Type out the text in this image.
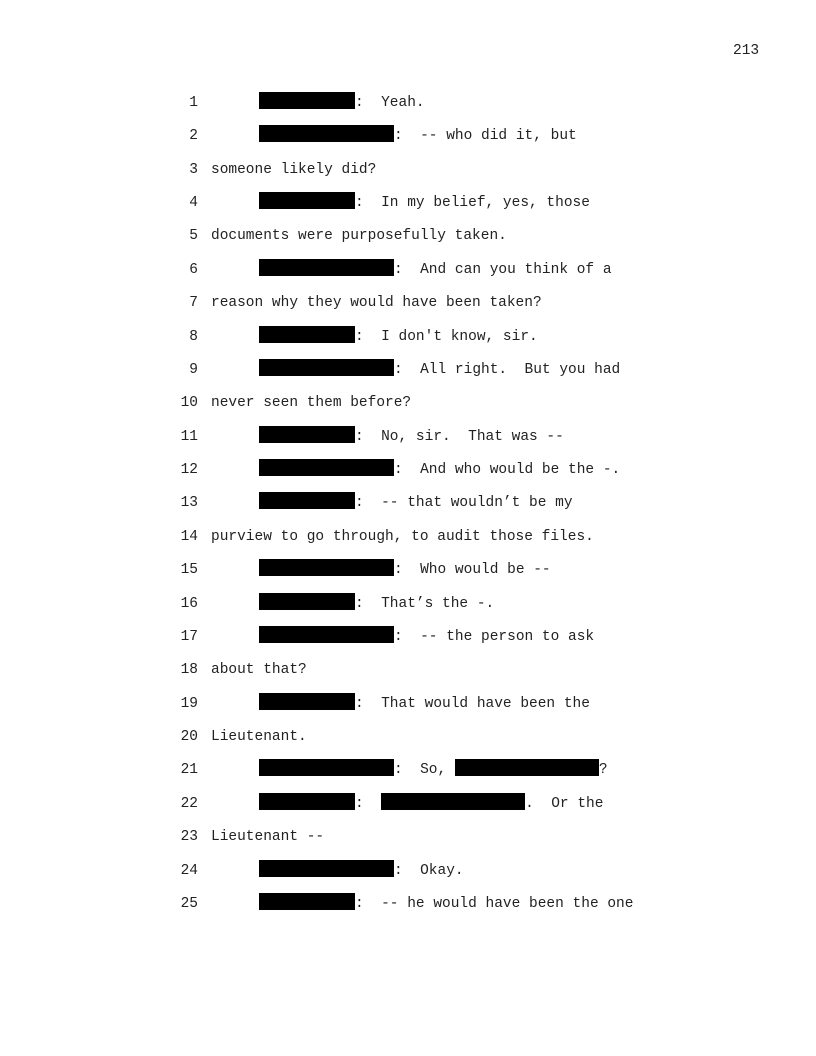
213
1	:  Yeah.
2	:  -- who did it, but
3 someone likely did?
4	:  In my belief, yes, those
5 documents were purposefully taken.
6	:  And can you think of a
7 reason why they would have been taken?
8	:  I don't know, sir.
9	:  All right.  But you had
10 never seen them before?
11	:  No, sir.  That was --
12	:  And who would be the -.
13	:  -- that wouldn’t be my
14 purview to go through, to audit those files.
15	:  Who would be --
16	:  That’s the -.
17	:  -- the person to ask
18 about that?
19	:  That would have been the
20 Lieutenant.
21	:  So,	?
22	:	.  Or the
23 Lieutenant --
24	:  Okay.
25	:  -- he would have been the one
